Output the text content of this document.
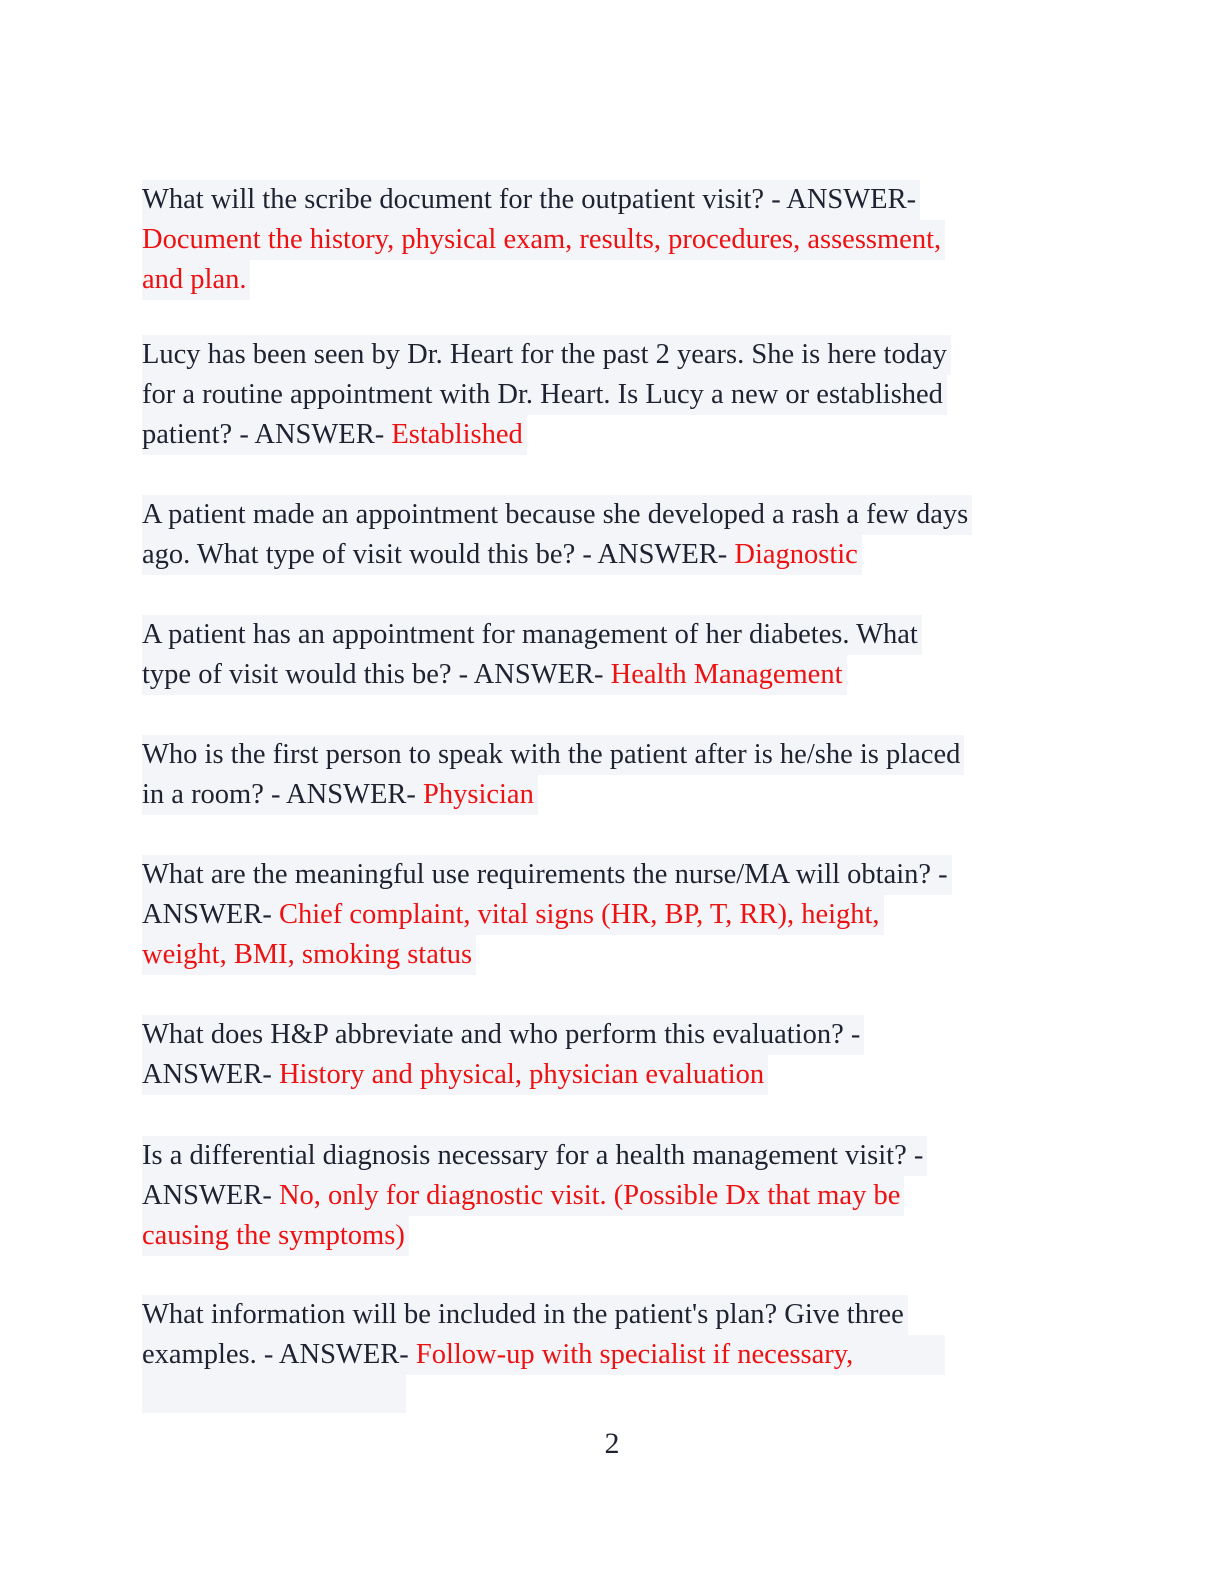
What will the scribe document for the outpatient visit? - ANSWER-
Document the history, physical exam, results, procedures, assessment,
and plan.
Lucy has been seen by Dr. Heart for the past 2 years. She is here today
for a routine appointment with Dr. Heart. Is Lucy a new or established
patient? - ANSWER- Established
A patient made an appointment because she developed a rash a few days
ago. What type of visit would this be? - ANSWER- Diagnostic
A patient has an appointment for management of her diabetes. What
type of visit would this be? - ANSWER- Health Management
Who is the first person to speak with the patient after is he/she is placed
in a room? - ANSWER- Physician
What are the meaningful use requirements the nurse/MA will obtain? -
ANSWER- Chief complaint, vital signs (HR, BP, T, RR), height,
weight, BMI, smoking status
What does H&P abbreviate and who perform this evaluation? -
ANSWER- History and physical, physician evaluation
Is a differential diagnosis necessary for a health management visit? -
ANSWER- No, only for diagnostic visit. (Possible Dx that may be
causing the symptoms)
What information will be included in the patient's plan? Give three
examples. - ANSWER- Follow-up with specialist if necessary,
2
